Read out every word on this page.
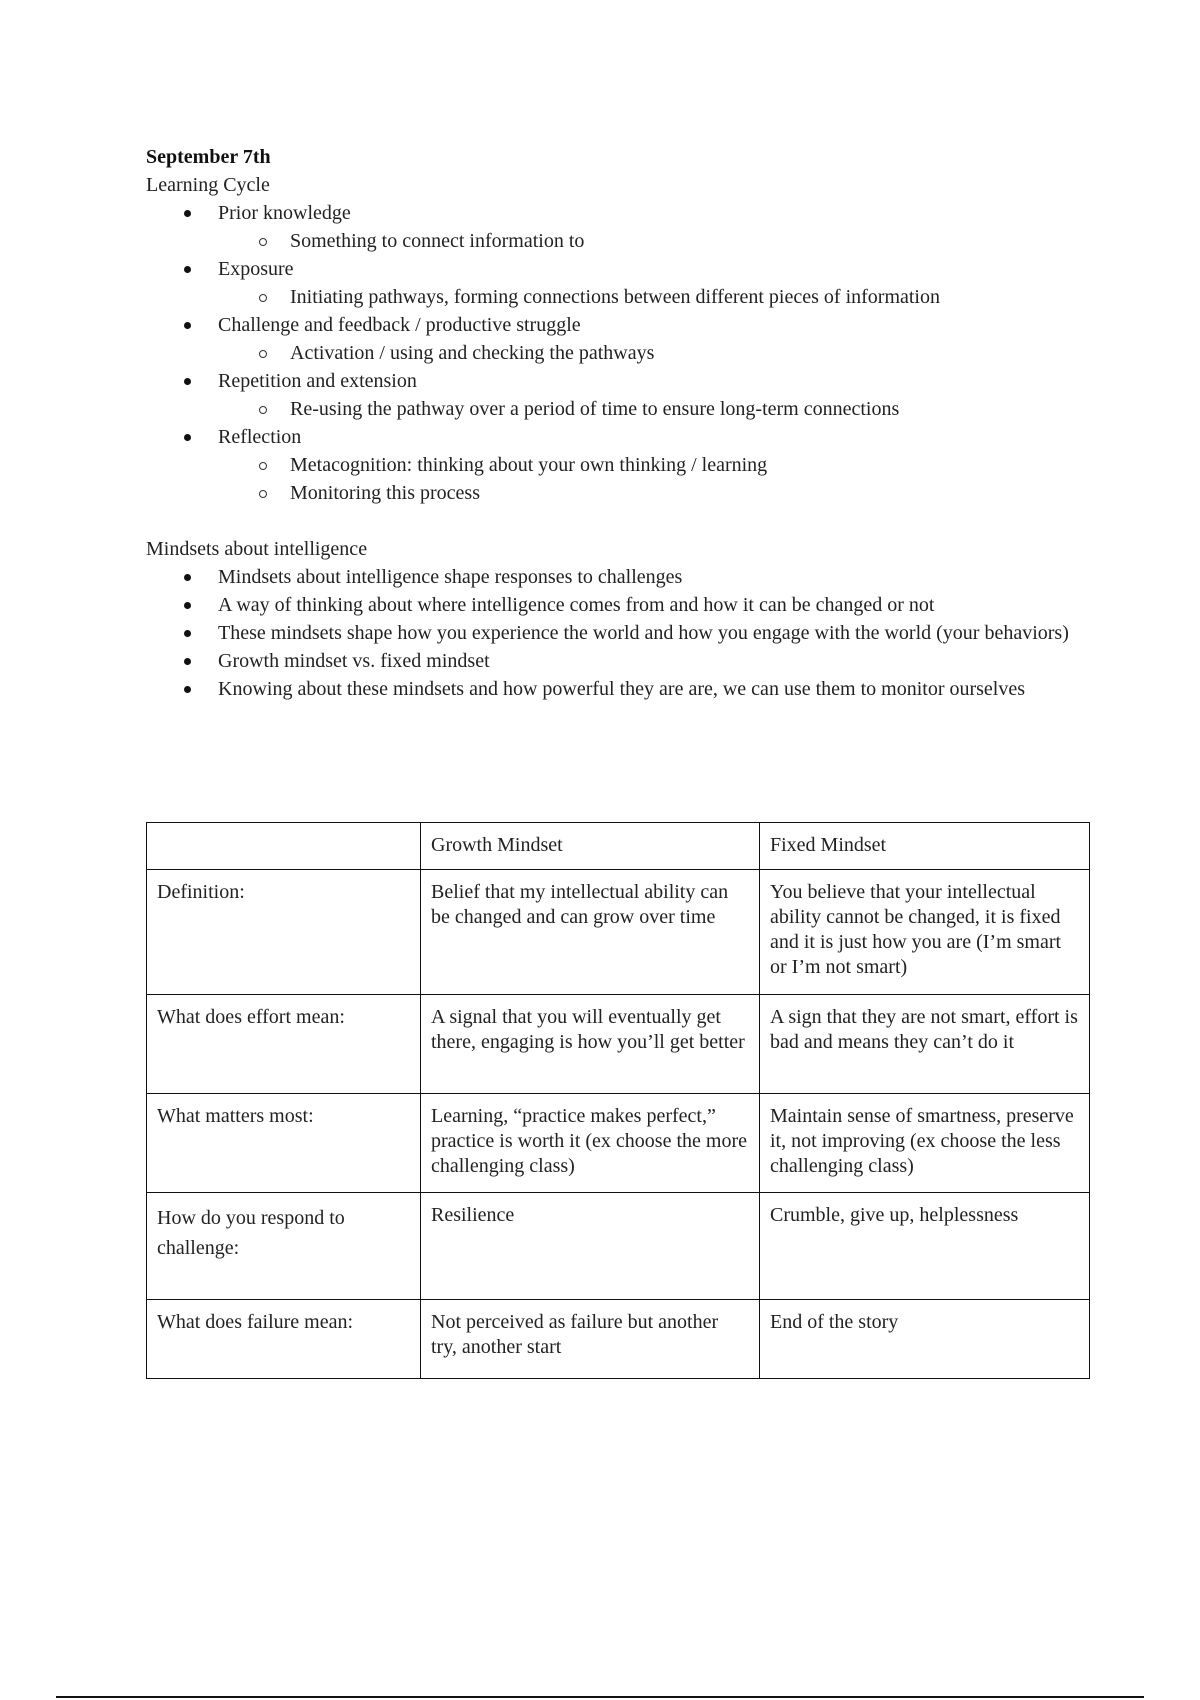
September 7th
Learning Cycle
Prior knowledge
Something to connect information to
Exposure
Initiating pathways, forming connections between different pieces of information
Challenge and feedback / productive struggle
Activation / using and checking the pathways
Repetition and extension
Re-using the pathway over a period of time to ensure long-term connections
Reflection
Metacognition: thinking about your own thinking / learning
Monitoring this process
Mindsets about intelligence
Mindsets about intelligence shape responses to challenges
A way of thinking about where intelligence comes from and how it can be changed or not
These mindsets shape how you experience the world and how you engage with the world (your behaviors)
Growth mindset vs. fixed mindset
Knowing about these mindsets and how powerful they are are, we can use them to monitor ourselves
	Growth Mindset	Fixed Mindset
Definition:	Belief that my intellectual ability can be changed and can grow over time	You believe that your intellectual ability cannot be changed, it is fixed and it is just how you are (I’m smart or I’m not smart)
What does effort mean:	A signal that you will eventually get there, engaging is how you’ll get better	A sign that they are not smart, effort is bad and means they can’t do it
What matters most:	Learning, “practice makes perfect,” practice is worth it (ex choose the more challenging class)	Maintain sense of smartness, preserve it, not improving (ex choose the less challenging class)
How do you respond to challenge:	Resilience	Crumble, give up, helplessness
What does failure mean:	Not perceived as failure but another try, another start	End of the story
